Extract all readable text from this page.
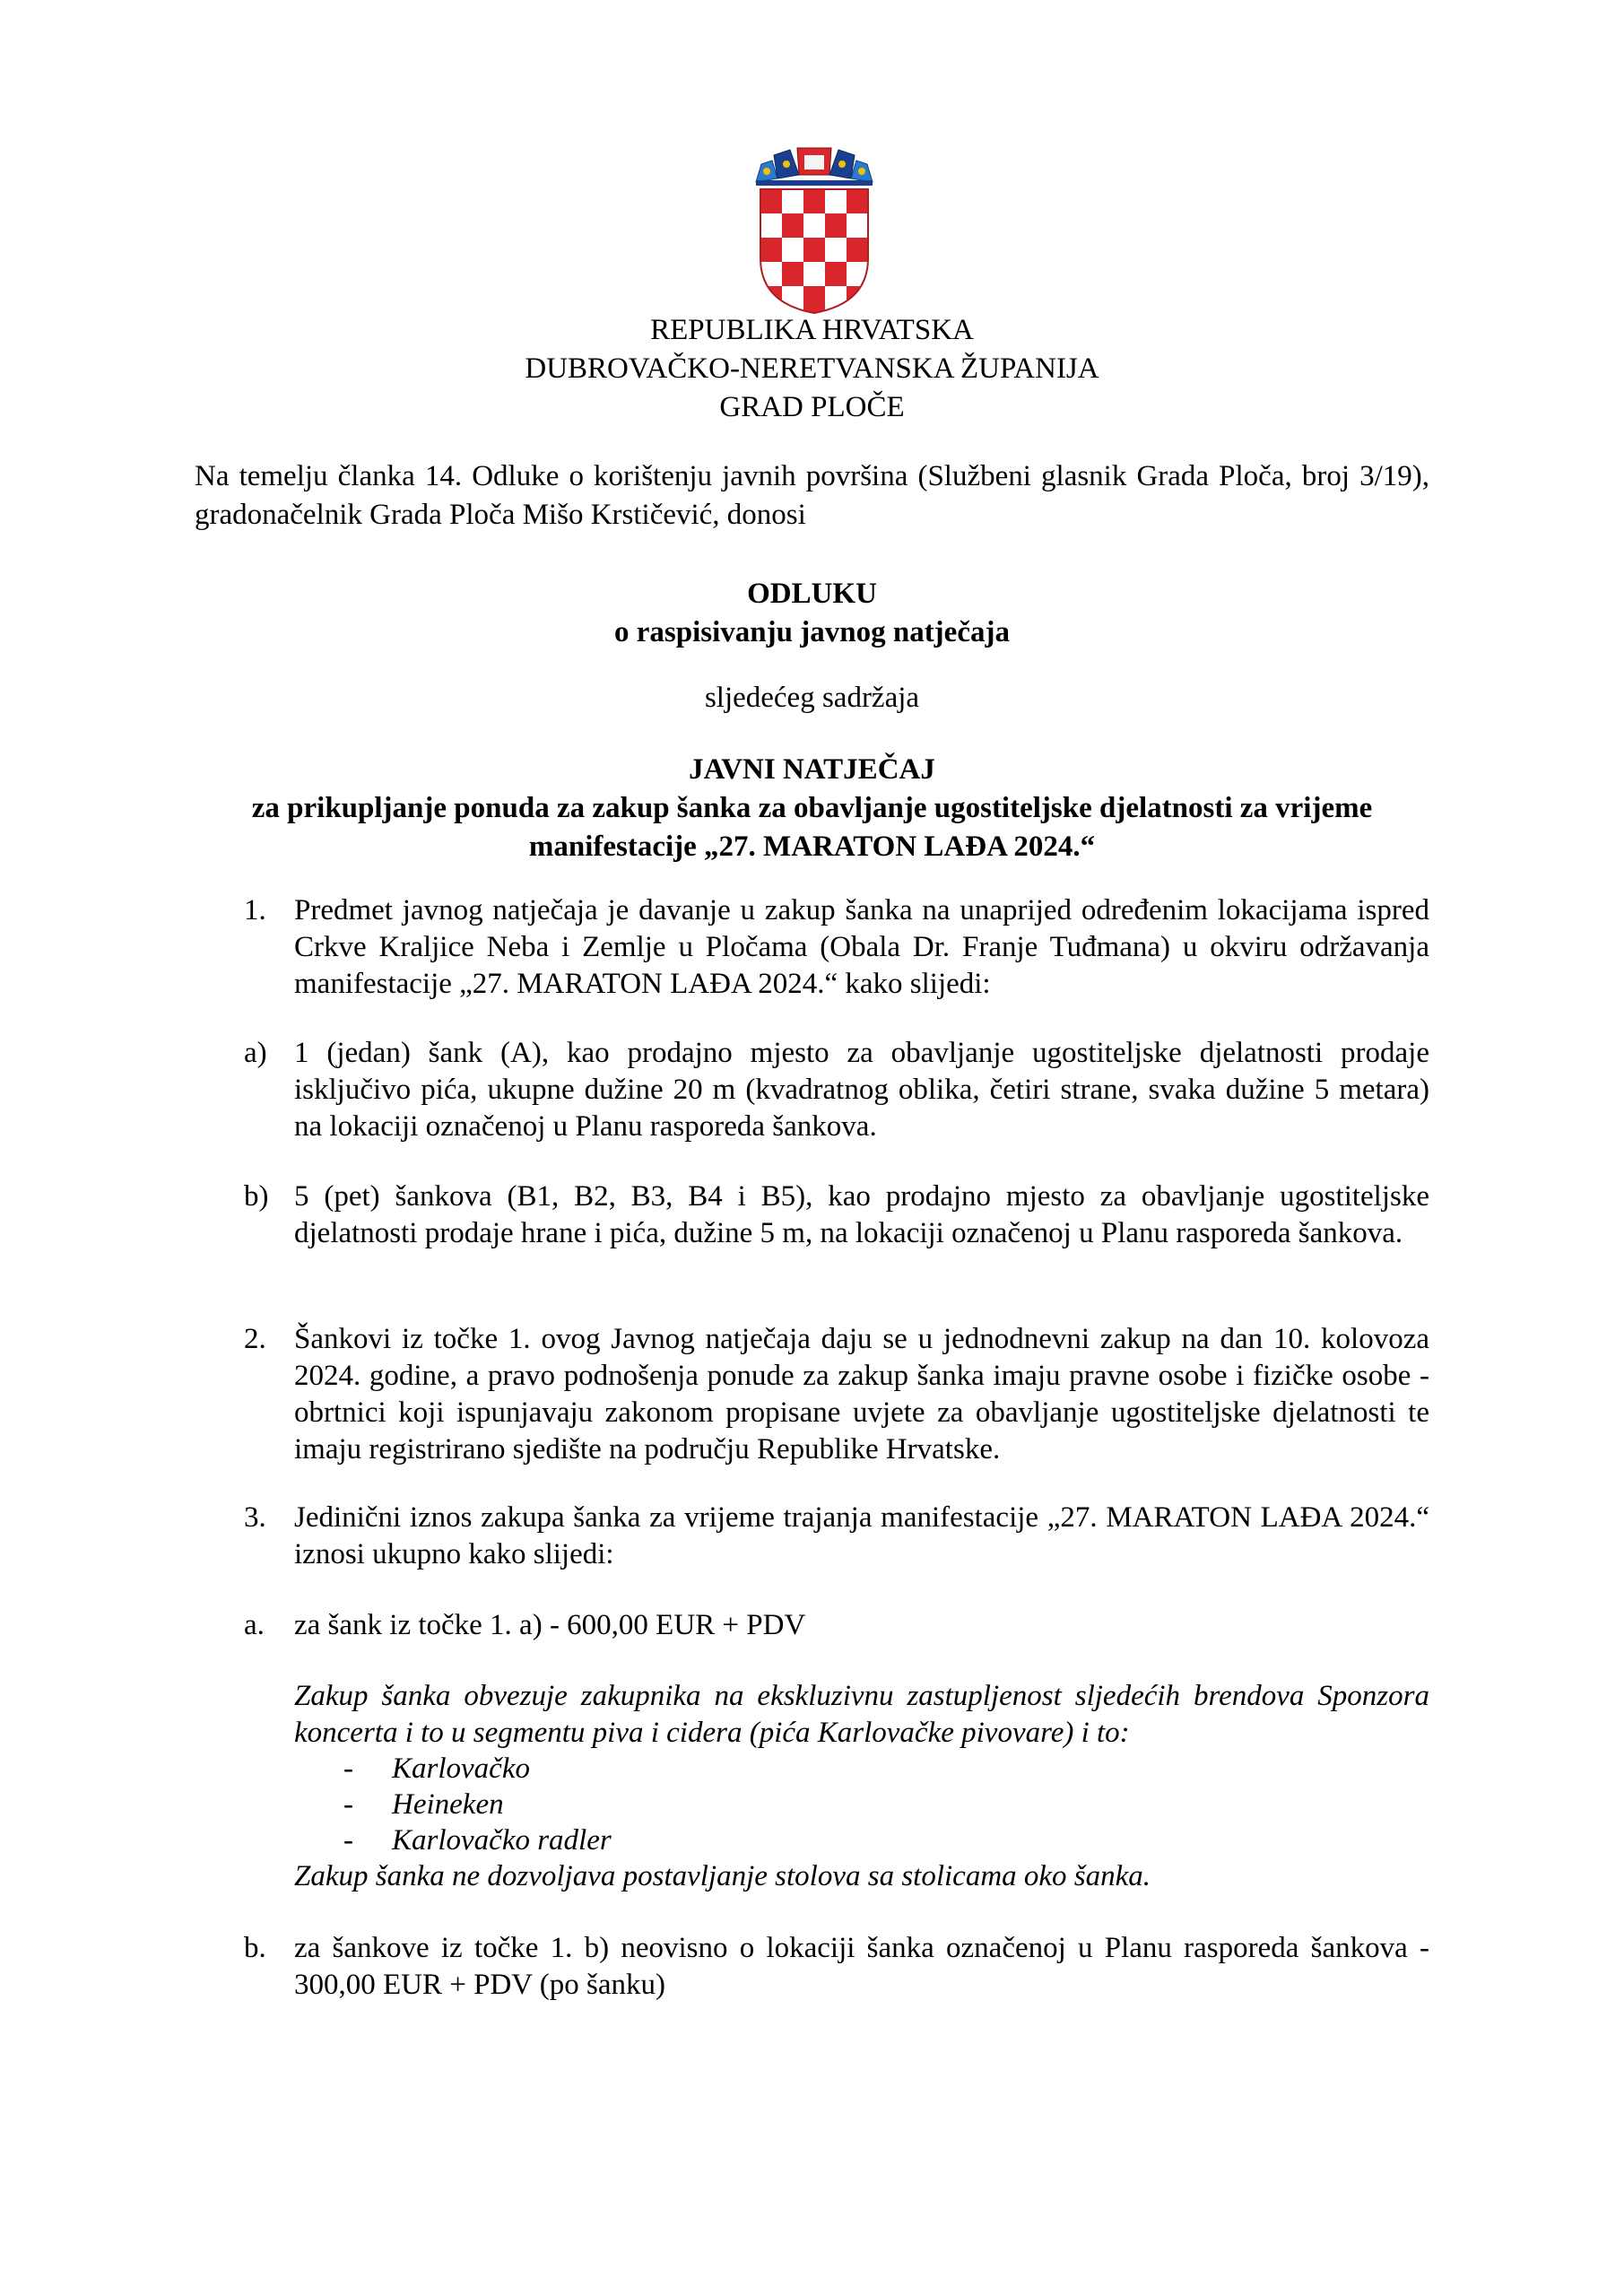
REPUBLIKA HRVATSKA
DUBROVAČKO-NERETVANSKA ŽUPANIJA
GRAD PLOČE
Na temelju članka 14. Odluke o korištenju javnih površina (Službeni glasnik Grada Ploča, broj 3/19), gradonačelnik Grada Ploča Mišo Krstičević, donosi
ODLUKU
o raspisivanju javnog natječaja
sljedećeg sadržaja
JAVNI NATJEČAJ
za prikupljanje ponuda za zakup šanka za obavljanje ugostiteljske djelatnosti za vrijeme
manifestacije „27. MARATON LAĐA 2024.“
1. Predmet javnog natječaja je davanje u zakup šanka na unaprijed određenim lokacijama ispred Crkve Kraljice Neba i Zemlje u Pločama (Obala Dr. Franje Tuđmana) u okviru održavanja manifestacije „27. MARATON LAĐA 2024.“ kako slijedi:
a) 1 (jedan) šank (A), kao prodajno mjesto za obavljanje ugostiteljske djelatnosti prodaje isključivo pića, ukupne dužine 20 m (kvadratnog oblika, četiri strane, svaka dužine 5 metara) na lokaciji označenoj u Planu rasporeda šankova.
b) 5 (pet) šankova (B1, B2, B3, B4 i B5), kao prodajno mjesto za obavljanje ugostiteljske djelatnosti prodaje hrane i pića, dužine 5 m, na lokaciji označenoj u Planu rasporeda šankova.
2. Šankovi iz točke 1. ovog Javnog natječaja daju se u jednodnevni zakup na dan 10. kolovoza 2024. godine, a pravo podnošenja ponude za zakup šanka imaju pravne osobe i fizičke osobe - obrtnici koji ispunjavaju zakonom propisane uvjete za obavljanje ugostiteljske djelatnosti te imaju registrirano sjedište na području Republike Hrvatske.
3. Jedinični iznos zakupa šanka za vrijeme trajanja manifestacije „27. MARATON LAĐA 2024.“ iznosi ukupno kako slijedi:
a. za šank iz točke 1. a) - 600,00 EUR + PDV
Zakup šanka obvezuje zakupnika na ekskluzivnu zastupljenost sljedećih brendova Sponzora koncerta i to u segmentu piva i cidera (pića Karlovačke pivovare) i to:
- Karlovačko
- Heineken
- Karlovačko radler
Zakup šanka ne dozvoljava postavljanje stolova sa stolicama oko šanka.
b. za šankove iz točke 1. b) neovisno o lokaciji šanka označenoj u Planu rasporeda šankova - 300,00 EUR + PDV (po šanku)
